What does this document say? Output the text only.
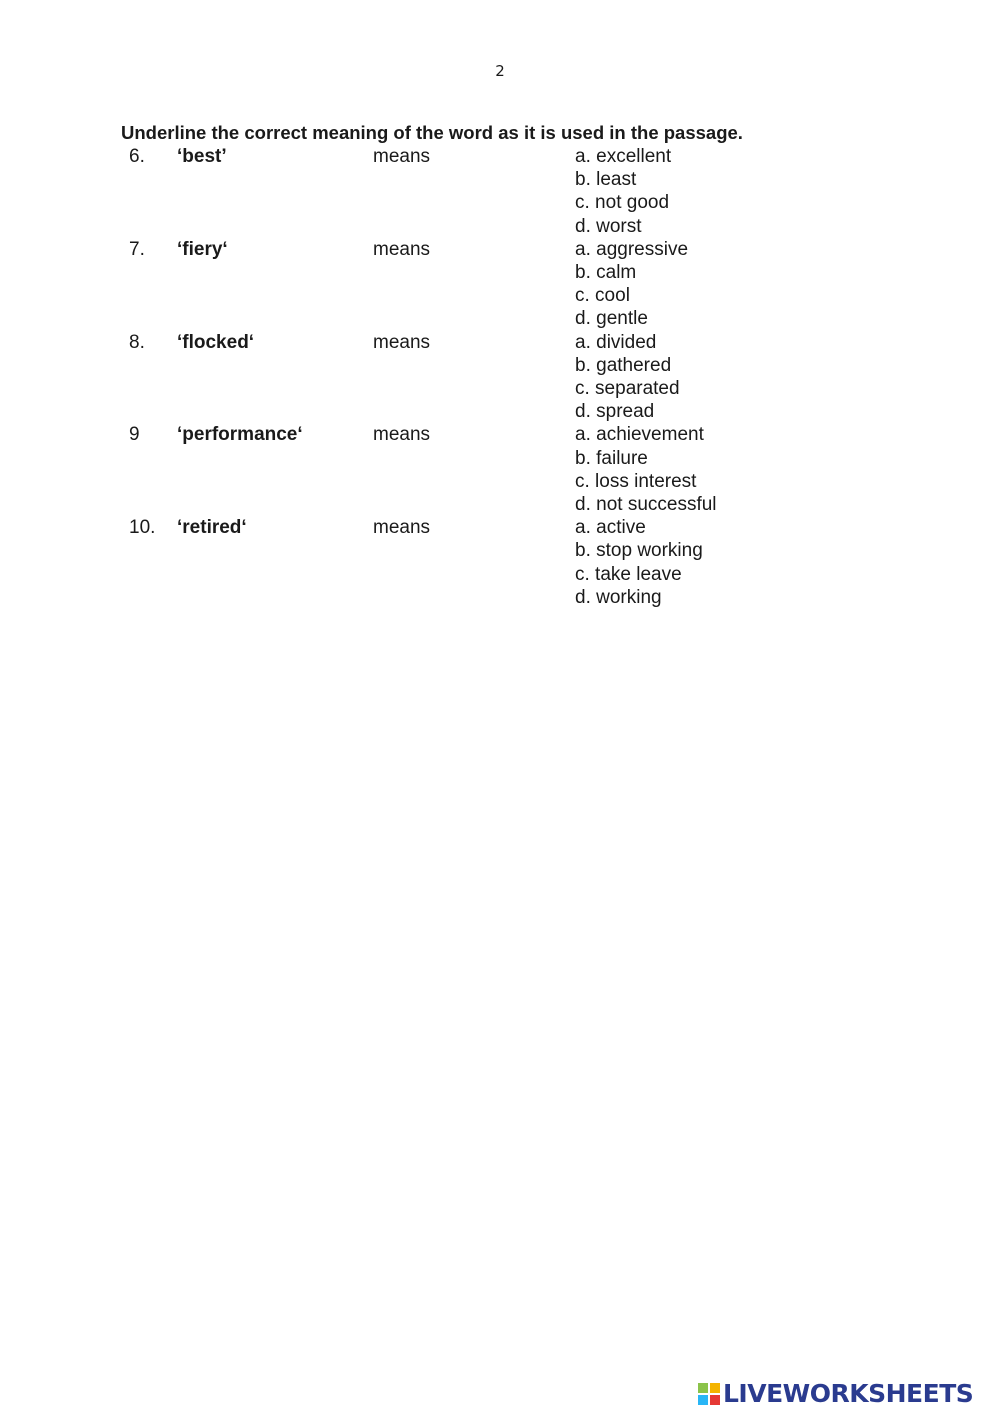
2
Underline the correct meaning of the word as it is used in the passage.
6. ‘best’	means	a. excellent
b. least
c. not good
d. worst
7. ‘fiery‘	means	a. aggressive
b. calm
c. cool
d. gentle
8. ‘flocked‘	means	a. divided
b. gathered
c. separated
d. spread
9 ‘performance‘	means	a. achievement
b. failure
c. loss interest
d. not successful
10. ‘retired‘	means	a. active
b. stop working
c. take leave
d. working
LIVEWORKSHEETS
